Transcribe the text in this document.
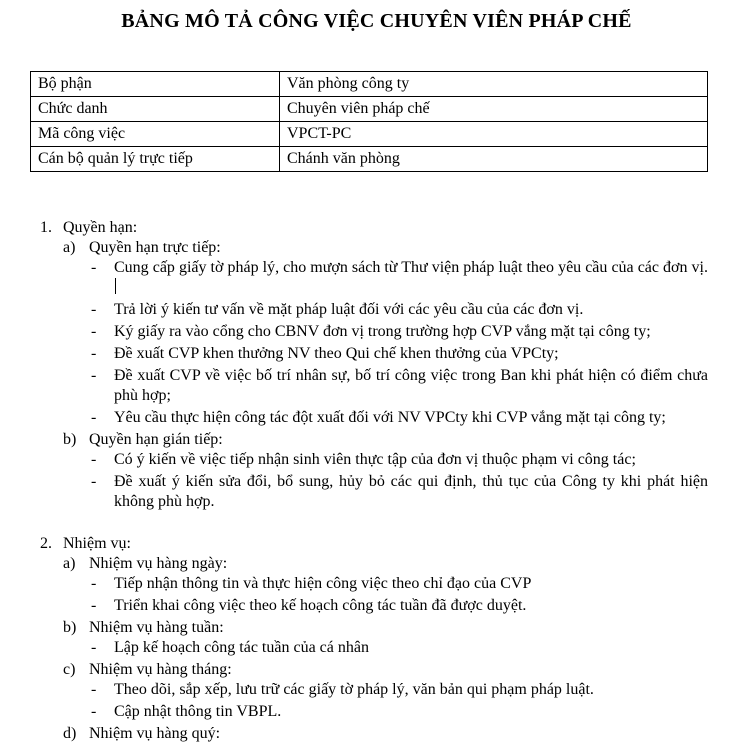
BẢNG MÔ TẢ CÔNG VIỆC CHUYÊN VIÊN PHÁP CHẾ
Bộ phận	Văn phòng công ty
Chức danh	Chuyên viên pháp chế
Mã công việc	VPCT-PC
Cán bộ quản lý trực tiếp	Chánh văn phòng
1. Quyền hạn:
a) Quyền hạn trực tiếp:
- Cung cấp giấy tờ pháp lý, cho mượn sách từ Thư viện pháp luật theo yêu cầu của các đơn vị.
- Trả lời ý kiến tư vấn về mặt pháp luật đối với các yêu cầu của các đơn vị.
- Ký giấy ra vào cổng cho CBNV đơn vị trong trường hợp CVP vắng mặt tại công ty;
- Đề xuất CVP khen thưởng NV theo Qui chế khen thưởng của VPCty;
- Đề xuất CVP về việc bố trí nhân sự, bố trí công việc trong Ban khi phát hiện có điểm chưa phù hợp;
- Yêu cầu thực hiện công tác đột xuất đối với NV VPCty khi CVP vắng mặt tại công ty;
b) Quyền hạn gián tiếp:
- Có ý kiến về việc tiếp nhận sinh viên thực tập của đơn vị thuộc phạm vi công tác;
- Đề xuất ý kiến sửa đổi, bổ sung, hủy bỏ các qui định, thủ tục của Công ty khi phát hiện không phù hợp.
2. Nhiệm vụ:
a) Nhiệm vụ hàng ngày:
- Tiếp nhận thông tin và thực hiện công việc theo chỉ đạo của CVP
- Triển khai công việc theo kế hoạch công tác tuần đã được duyệt.
b) Nhiệm vụ hàng tuần:
- Lập kế hoạch công tác tuần của cá nhân
c) Nhiệm vụ hàng tháng:
- Theo dõi, sắp xếp, lưu trữ các giấy tờ pháp lý, văn bản qui phạm pháp luật.
- Cập nhật thông tin VBPL.
d) Nhiệm vụ hàng quý:
